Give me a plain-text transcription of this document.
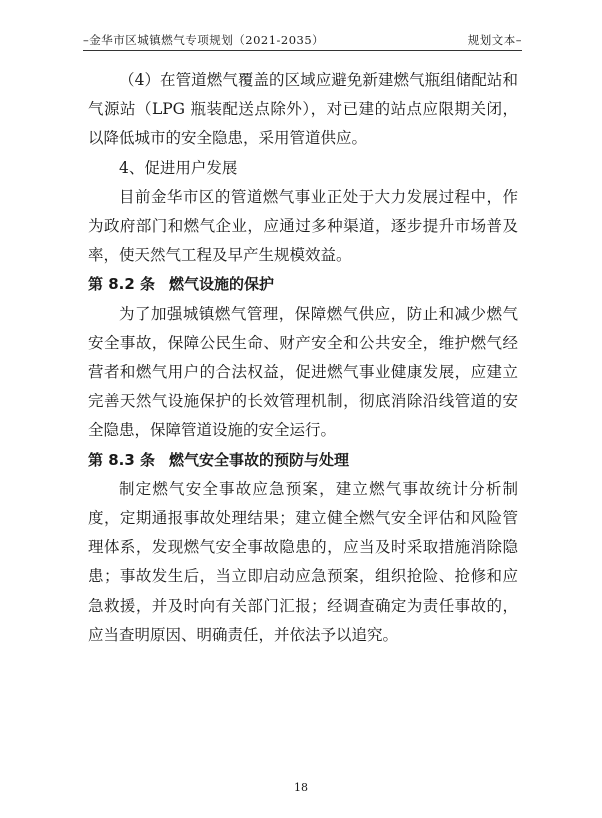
–金华市区城镇燃气专项规划（2021-2035）	规划文本–

（4）在管道燃气覆盖的区域应避免新建燃气瓶组储配站和气源站（LPG 瓶装配送点除外），对已建的站点应限期关闭，以降低城市的安全隐患，采用管道供应。

4、促进用户发展

目前金华市区的管道燃气事业正处于大力发展过程中，作为政府部门和燃气企业，应通过多种渠道，逐步提升市场普及率，使天然气工程及早产生规模效益。

第 8.2 条 燃气设施的保护

为了加强城镇燃气管理，保障燃气供应，防止和减少燃气安全事故，保障公民生命、财产安全和公共安全，维护燃气经营者和燃气用户的合法权益，促进燃气事业健康发展，应建立完善天然气设施保护的长效管理机制，彻底消除沿线管道的安全隐患，保障管道设施的安全运行。

第 8.3 条 燃气安全事故的预防与处理

制定燃气安全事故应急预案，建立燃气事故统计分析制度，定期通报事故处理结果；建立健全燃气安全评估和风险管理体系，发现燃气安全事故隐患的，应当及时采取措施消除隐患；事故发生后，当立即启动应急预案，组织抢险、抢修和应急救援，并及时向有关部门汇报；经调查确定为责任事故的，应当查明原因、明确责任，并依法予以追究。

18
